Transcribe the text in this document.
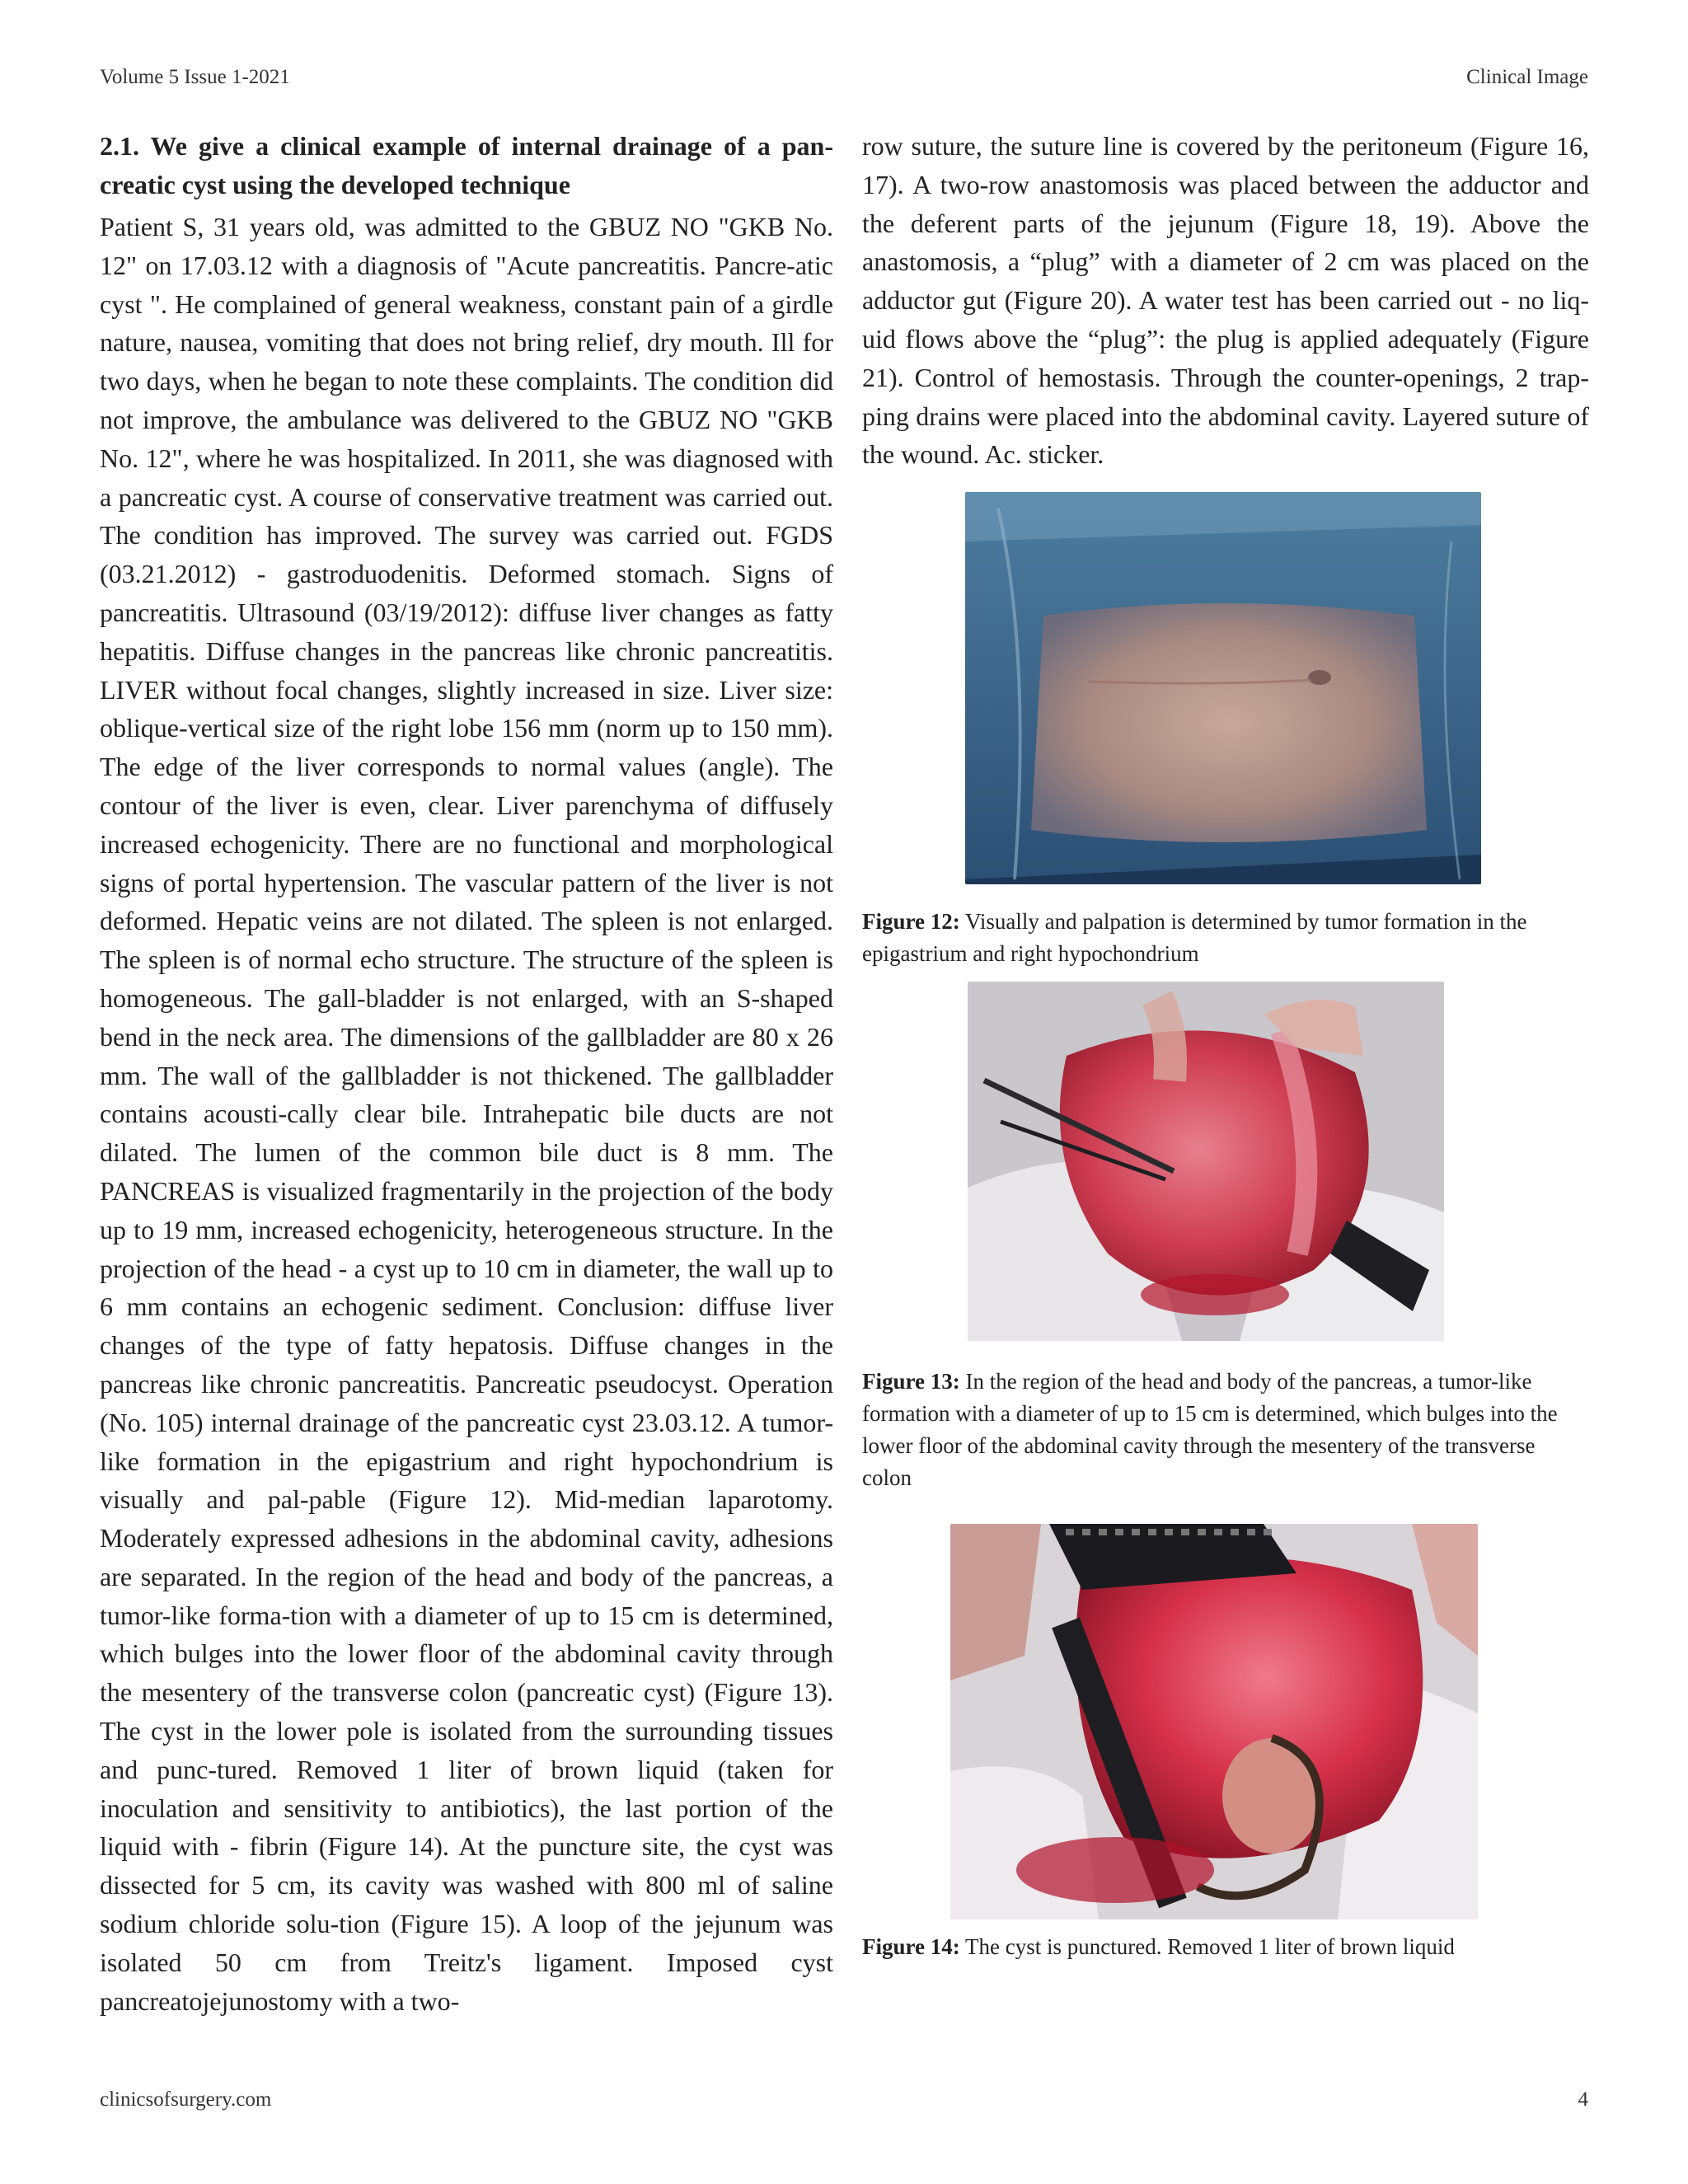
Volume 5 Issue 1-2021	Clinical Image

2.1. We give a clinical example of internal drainage of a pan-creatic cyst using the developed technique

Patient S, 31 years old, was admitted to the GBUZ NO "GKB No. 12" on 17.03.12 with a diagnosis of "Acute pancreatitis. Pancre-atic cyst ". He complained of general weakness, constant pain of a girdle nature, nausea, vomiting that does not bring relief, dry mouth. Ill for two days, when he began to note these complaints. The condition did not improve, the ambulance was delivered to the GBUZ NO "GKB No. 12", where he was hospitalized. In 2011, she was diagnosed with a pancreatic cyst. A course of conservative treatment was carried out. The condition has improved. The survey was carried out. FGDS (03.21.2012) - gastroduodenitis. Deformed stomach. Signs of pancreatitis. Ultrasound (03/19/2012): diffuse liver changes as fatty hepatitis. Diffuse changes in the pancreas like chronic pancreatitis. LIVER without focal changes, slightly increased in size. Liver size: oblique-vertical size of the right lobe 156 mm (norm up to 150 mm). The edge of the liver corresponds to normal values (angle). The contour of the liver is even, clear. Liver parenchyma of diffusely increased echogenicity. There are no functional and morphological signs of portal hypertension. The vascular pattern of the liver is not deformed. Hepatic veins are not dilated. The spleen is not enlarged. The spleen is of normal echo structure. The structure of the spleen is homogeneous. The gall-bladder is not enlarged, with an S-shaped bend in the neck area. The dimensions of the gallbladder are 80 x 26 mm. The wall of the gallbladder is not thickened. The gallbladder contains acousti-cally clear bile. Intrahepatic bile ducts are not dilated. The lumen of the common bile duct is 8 mm. The PANCREAS is visualized fragmentarily in the projection of the body up to 19 mm, increased echogenicity, heterogeneous structure. In the projection of the head - a cyst up to 10 cm in diameter, the wall up to 6 mm contains an echogenic sediment. Conclusion: diffuse liver changes of the type of fatty hepatosis. Diffuse changes in the pancreas like chronic pancreatitis. Pancreatic pseudocyst. Operation (No. 105) internal drainage of the pancreatic cyst 23.03.12. A tumor-like formation in the epigastrium and right hypochondrium is visually and pal-pable (Figure 12). Mid-median laparotomy. Moderately expressed adhesions in the abdominal cavity, adhesions are separated. In the region of the head and body of the pancreas, a tumor-like forma-tion with a diameter of up to 15 cm is determined, which bulges into the lower floor of the abdominal cavity through the mesentery of the transverse colon (pancreatic cyst) (Figure 13). The cyst in the lower pole is isolated from the surrounding tissues and punc-tured. Removed 1 liter of brown liquid (taken for inoculation and sensitivity to antibiotics), the last portion of the liquid with - fibrin (Figure 14). At the puncture site, the cyst was dissected for 5 cm, its cavity was washed with 800 ml of saline sodium chloride solu-tion (Figure 15). A loop of the jejunum was isolated 50 cm from Treitz's ligament. Imposed cyst pancreatojejunostomy with a two-

row suture, the suture line is covered by the peritoneum (Figure 16, 17). A two-row anastomosis was placed between the adductor and the deferent parts of the jejunum (Figure 18, 19). Above the anastomosis, a “plug” with a diameter of 2 cm was placed on the adductor gut (Figure 20). A water test has been carried out - no liq-uid flows above the “plug”: the plug is applied adequately (Figure 21). Control of hemostasis. Through the counter-openings, 2 trap-ping drains were placed into the abdominal cavity. Layered suture of the wound. Ac. sticker.

Figure 12: Visually and palpation is determined by tumor formation in the epigastrium and right hypochondrium

Figure 13: In the region of the head and body of the pancreas, a tumor-like formation with a diameter of up to 15 cm is determined, which bulges into the lower floor of the abdominal cavity through the mesentery of the transverse colon

Figure 14: The cyst is punctured. Removed 1 liter of brown liquid

clinicsofsurgery.com	4
